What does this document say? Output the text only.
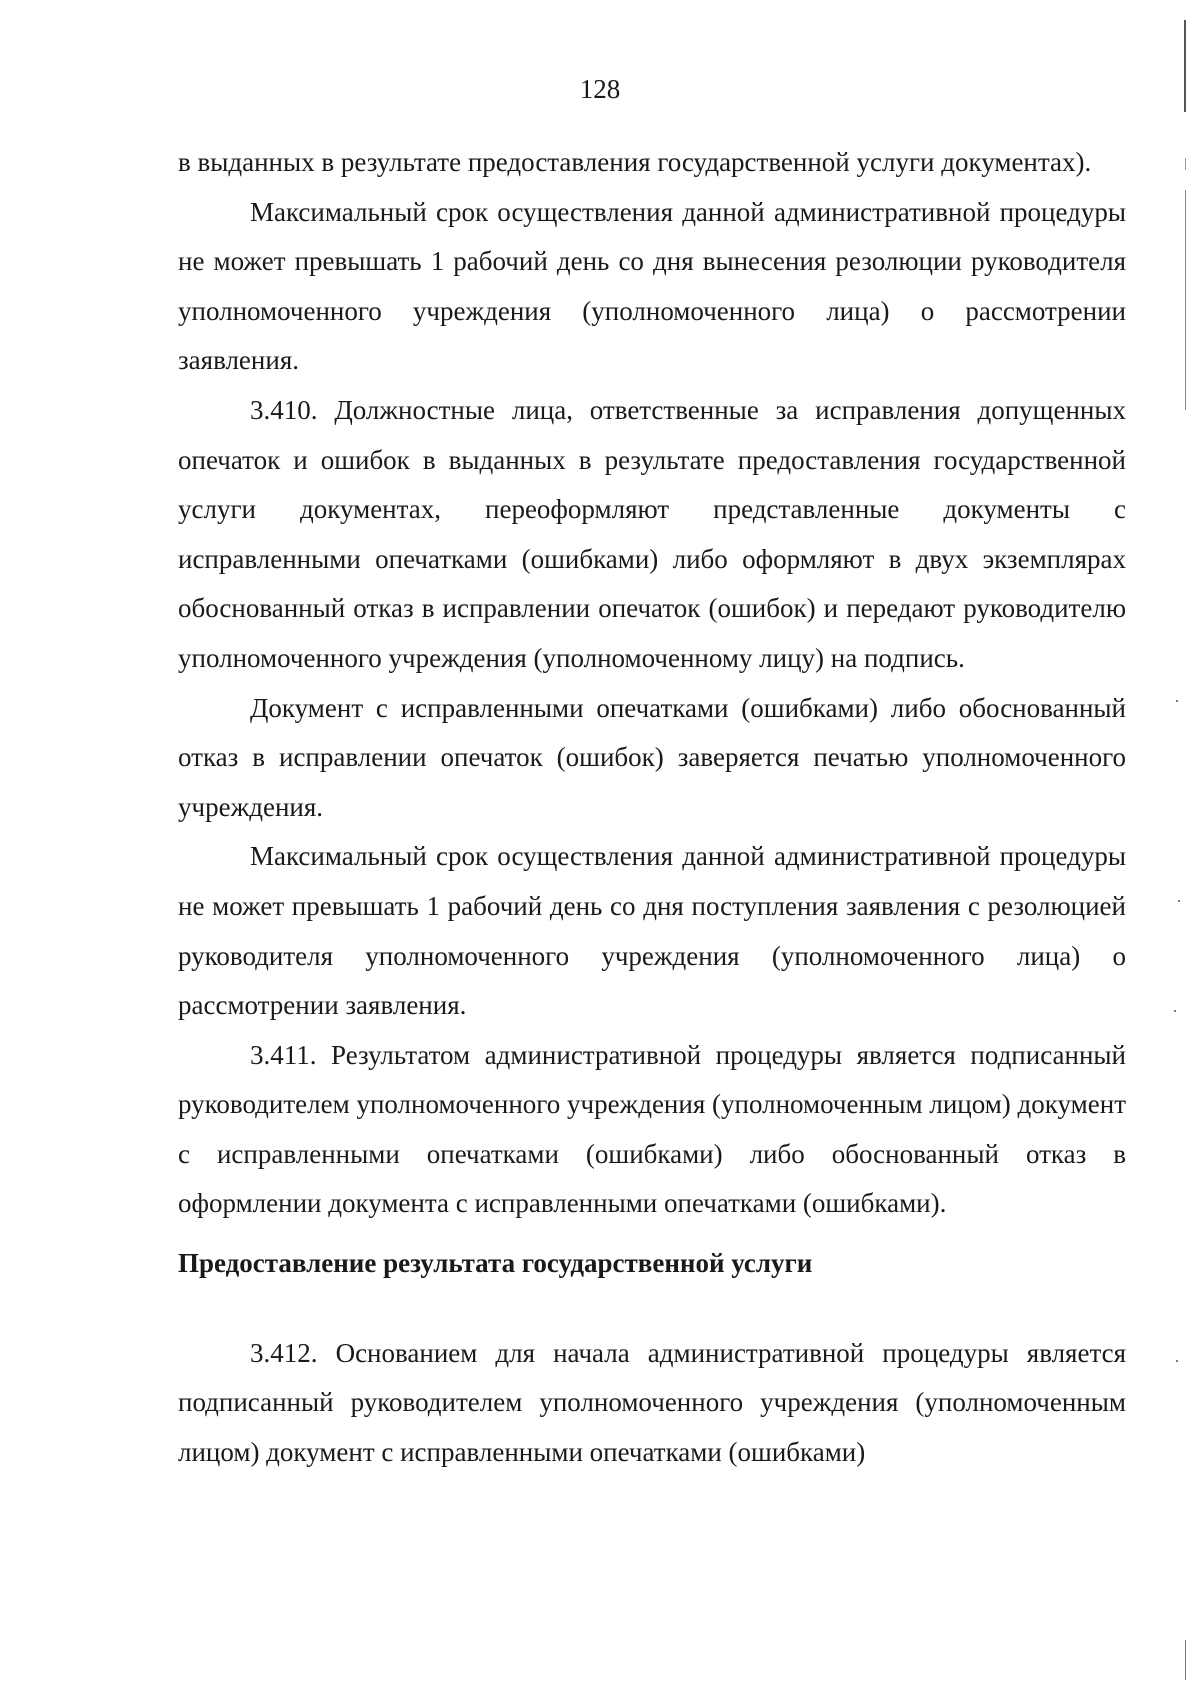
128

в выданных в результате предоставления государственной услуги документах).

Максимальный срок осуществления данной административной процедуры не может превышать 1 рабочий день со дня вынесения резолюции руководителя уполномоченного учреждения (уполномоченного лица) о рассмотрении заявления.

3.410. Должностные лица, ответственные за исправления допущенных опечаток и ошибок в выданных в результате предоставления государственной услуги документах, переоформляют представленные документы с исправленными опечатками (ошибками) либо оформляют в двух экземплярах обоснованный отказ в исправлении опечаток (ошибок) и передают руководителю уполномоченного учреждения (уполномоченному лицу) на подпись.

Документ с исправленными опечатками (ошибками) либо обоснованный отказ в исправлении опечаток (ошибок) заверяется печатью уполномоченного учреждения.

Максимальный срок осуществления данной административной процедуры не может превышать 1 рабочий день со дня поступления заявления с резолюцией руководителя уполномоченного учреждения (уполномоченного лица) о рассмотрении заявления.

3.411. Результатом административной процедуры является подписанный руководителем уполномоченного учреждения (уполномоченным лицом) документ с исправленными опечатками (ошибками) либо обоснованный отказ в оформлении документа с исправленными опечатками (ошибками).

Предоставление результата государственной услуги

3.412. Основанием для начала административной процедуры является подписанный руководителем уполномоченного учреждения (уполномоченным лицом) документ с исправленными опечатками (ошибками)
